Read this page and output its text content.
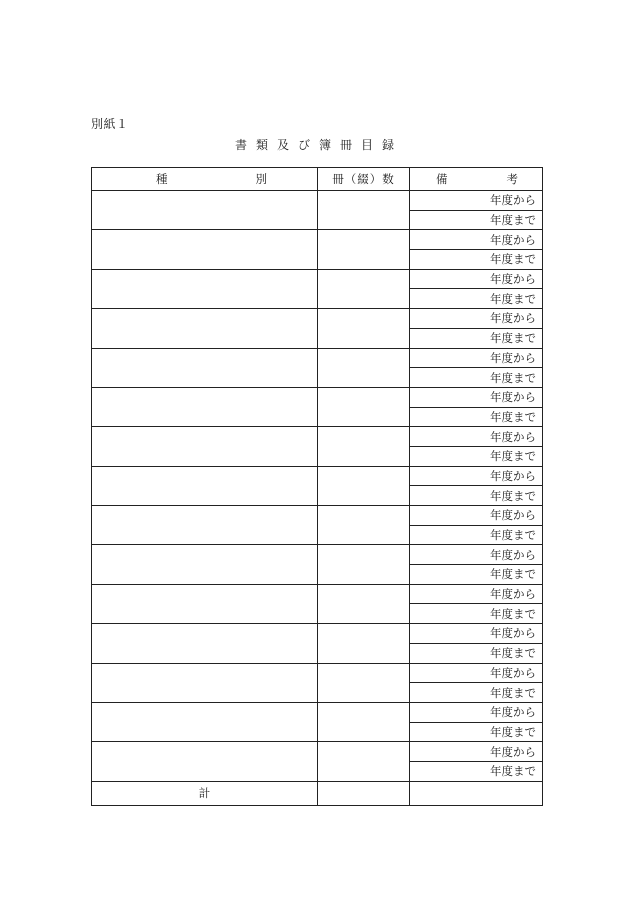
別紙１
書類及び簿冊目録
種 別	冊（綴）数	備 考

		年度から
		年度まで
		年度から
		年度まで
		年度から
		年度まで
		年度から
		年度まで
		年度から
		年度まで
		年度から
		年度まで
		年度から
		年度まで
		年度から
		年度まで
		年度から
		年度まで
		年度から
		年度まで
		年度から
		年度まで
		年度から
		年度まで
		年度から
		年度まで
		年度から
		年度まで
		年度から
		年度まで
計		
